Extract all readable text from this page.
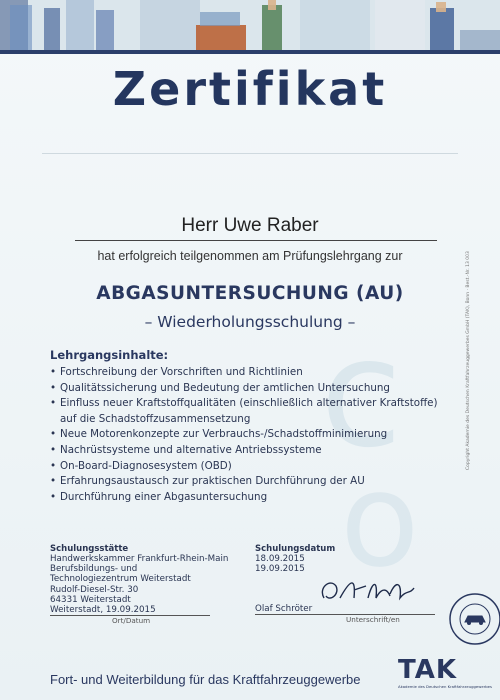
Zertifikat
Herr Uwe Raber
hat erfolgreich teilgenommen am Prüfungslehrgang zur
ABGASUNTERSUCHUNG (AU)
– Wiederholungsschulung –
c
o
Lehrgangsinhalte:
• Fortschreibung der Vorschriften und Richtlinien
• Qualitätssicherung und Bedeutung der amtlichen Untersuchung
• Einfluss neuer Kraftstoffqualitäten (einschließlich alternativer Kraftstoffe) auf die Schadstoffzusammensetzung
• Neue Motorenkonzepte zur Verbrauchs-/Schadstoffminimierung
• Nachrüstsysteme und alternative Antriebssysteme
• On-Board-Diagnosesystem (OBD)
• Erfahrungsaustausch zur praktischen Durchführung der AU
• Durchführung einer Abgasuntersuchung
Schulungsstätte
Handwerkskammer Frankfurt-Rhein-Main
Berufsbildungs- und
Technologiezentrum Weiterstadt
Rudolf-Diesel-Str. 30
64331 Weiterstadt
Weiterstadt, 19.09.2015
Ort/Datum
Schulungsdatum
18.09.2015
19.09.2015
Olaf Schröter
Unterschrift/en
Copyright Akademie des Deutschen Kraftfahrzeuggewerbes GmbH (TAK), Bonn · Best.-Nr. 13 003
Fort- und Weiterbildung für das Kraftfahrzeuggewerbe TAK
Akademie des Deutschen Kraftfahrzeuggewerbes
